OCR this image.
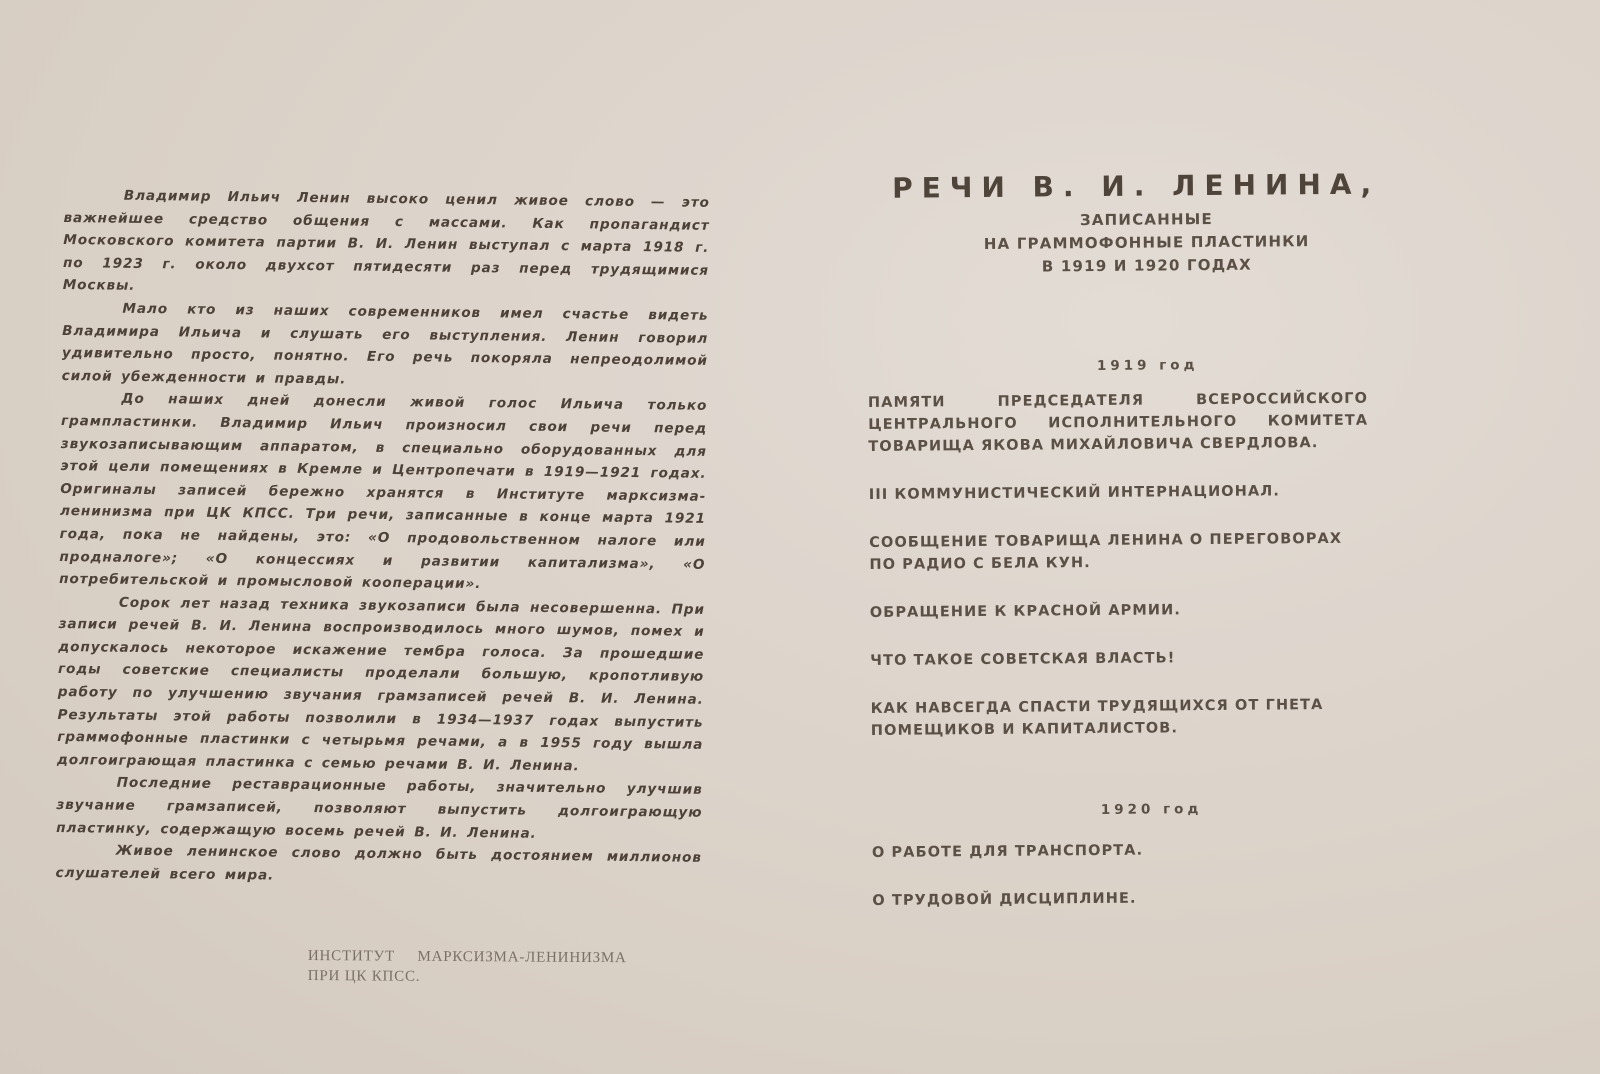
Владимир Ильич Ленин высоко ценил живое слово — это важнейшее средство общения с массами. Как пропагандист Московского комитета партии В. И. Ленин выступал с марта 1918 г. по 1923 г. около двухсот пятидесяти раз перед трудящимися Москвы.

Мало кто из наших современников имел счастье видеть Владимира Ильича и слушать его выступления. Ленин говорил удивительно просто, понятно. Его речь покоряла непреодолимой силой убежденности и правды.

До наших дней донесли живой голос Ильича только грампластинки. Владимир Ильич произносил свои речи перед звукозаписывающим аппаратом, в специально оборудованных для этой цели помещениях в Кремле и Центропечати в 1919—1921 годах. Оригиналы записей бережно хранятся в Институте марксизма-ленинизма при ЦК КПСС. Три речи, записанные в конце марта 1921 года, пока не найдены, это: «О продовольственном налоге или продналоге»; «О концессиях и развитии капитализма», «О потребительской и промысловой кооперации».

Сорок лет назад техника звукозаписи была несовершенна. При записи речей В. И. Ленина воспроизводилось много шумов, помех и допускалось некоторое искажение тембра голоса. За прошедшие годы советские специалисты проделали большую, кропотливую работу по улучшению звучания грамзаписей речей В. И. Ленина. Результаты этой работы позволили в 1934—1937 годах выпустить граммофонные пластинки с четырьмя речами, а в 1955 году вышла долгоиграющая пластинка с семью речами В. И. Ленина.

Последние реставрационные работы, значительно улучшив звучание грамзаписей, позволяют выпустить долгоиграющую пластинку, содержащую восемь речей В. И. Ленина.

Живое ленинское слово должно быть достоянием миллионов слушателей всего мира.

ИНСТИТУТ МАРКСИЗМА-ЛЕНИНИЗМА
ПРИ ЦК КПСС.
РЕЧИ В. И. ЛЕНИНА,
ЗАПИСАННЫЕ
НА ГРАММОФОННЫЕ ПЛАСТИНКИ
В 1919 И 1920 ГОДАХ
1919 год
ПАМЯТИ ПРЕДСЕДАТЕЛЯ ВСЕРОССИЙСКОГО ЦЕНТРАЛЬНОГО ИСПОЛНИТЕЛЬНОГО КОМИТЕТА ТОВАРИЩА ЯКОВА МИХАЙЛОВИЧА СВЕРДЛОВА.
III КОММУНИСТИЧЕСКИЙ ИНТЕРНАЦИОНАЛ.
СООБЩЕНИЕ ТОВАРИЩА ЛЕНИНА О ПЕРЕГОВОРАХ ПО РАДИО С БЕЛА КУН.
ОБРАЩЕНИЕ К КРАСНОЙ АРМИИ.
ЧТО ТАКОЕ СОВЕТСКАЯ ВЛАСТЬ!
КАК НАВСЕГДА СПАСТИ ТРУДЯЩИХСЯ ОТ ГНЕТА ПОМЕЩИКОВ И КАПИТАЛИСТОВ.
1920 год
О РАБОТЕ ДЛЯ ТРАНСПОРТА.
О ТРУДОВОЙ ДИСЦИПЛИНЕ.
